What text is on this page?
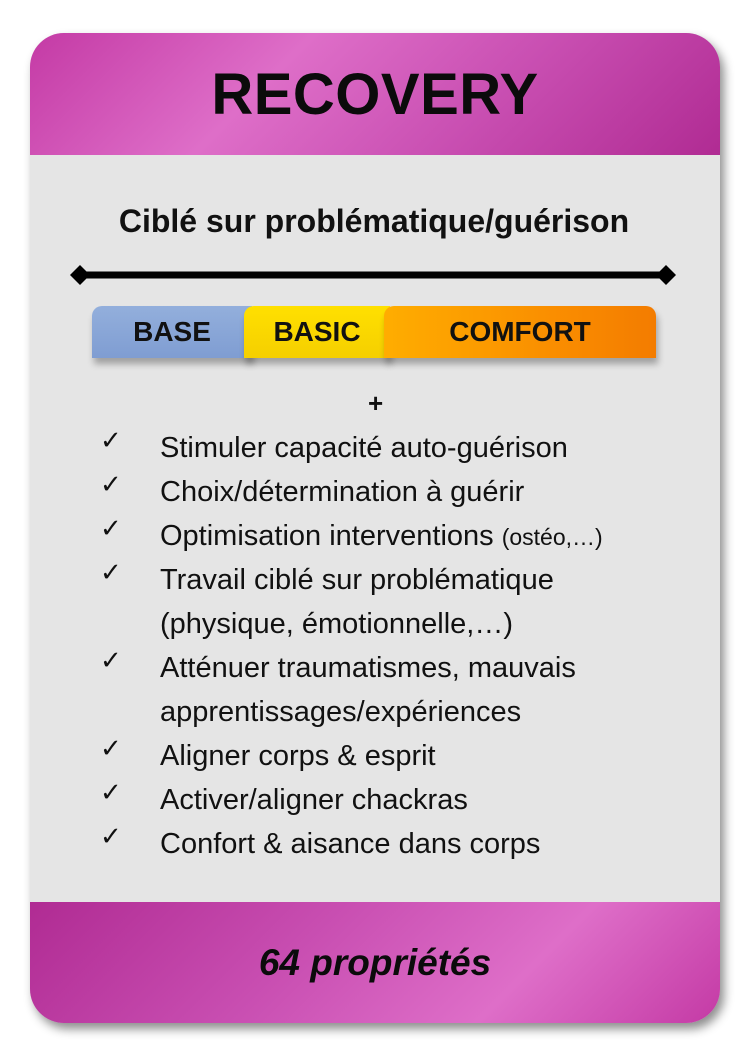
RECOVERY
64 propriétés
Ciblé sur problématique/guérison
BASE BASIC	COMFORT
+
✓ Stimuler capacité auto-guérison
✓ Choix/détermination à guérir
✓ Optimisation interventions (ostéo,…)
✓ Travail ciblé sur problématique
(physique, émotionnelle,…)
✓ Atténuer traumatismes, mauvais
apprentissages/expériences
✓ Aligner corps & esprit
✓ Activer/aligner chackras
✓ Confort & aisance dans corps
